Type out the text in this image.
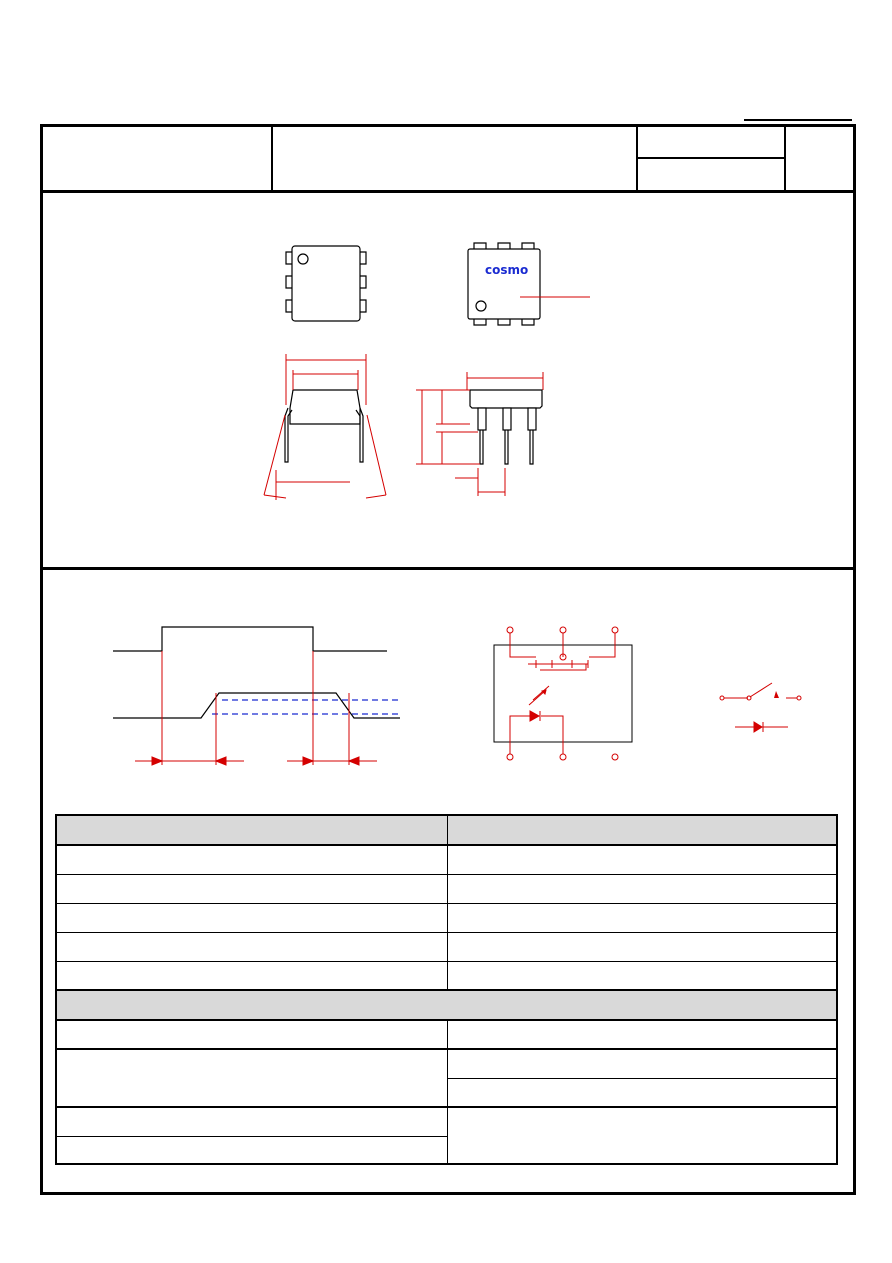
cosmo
